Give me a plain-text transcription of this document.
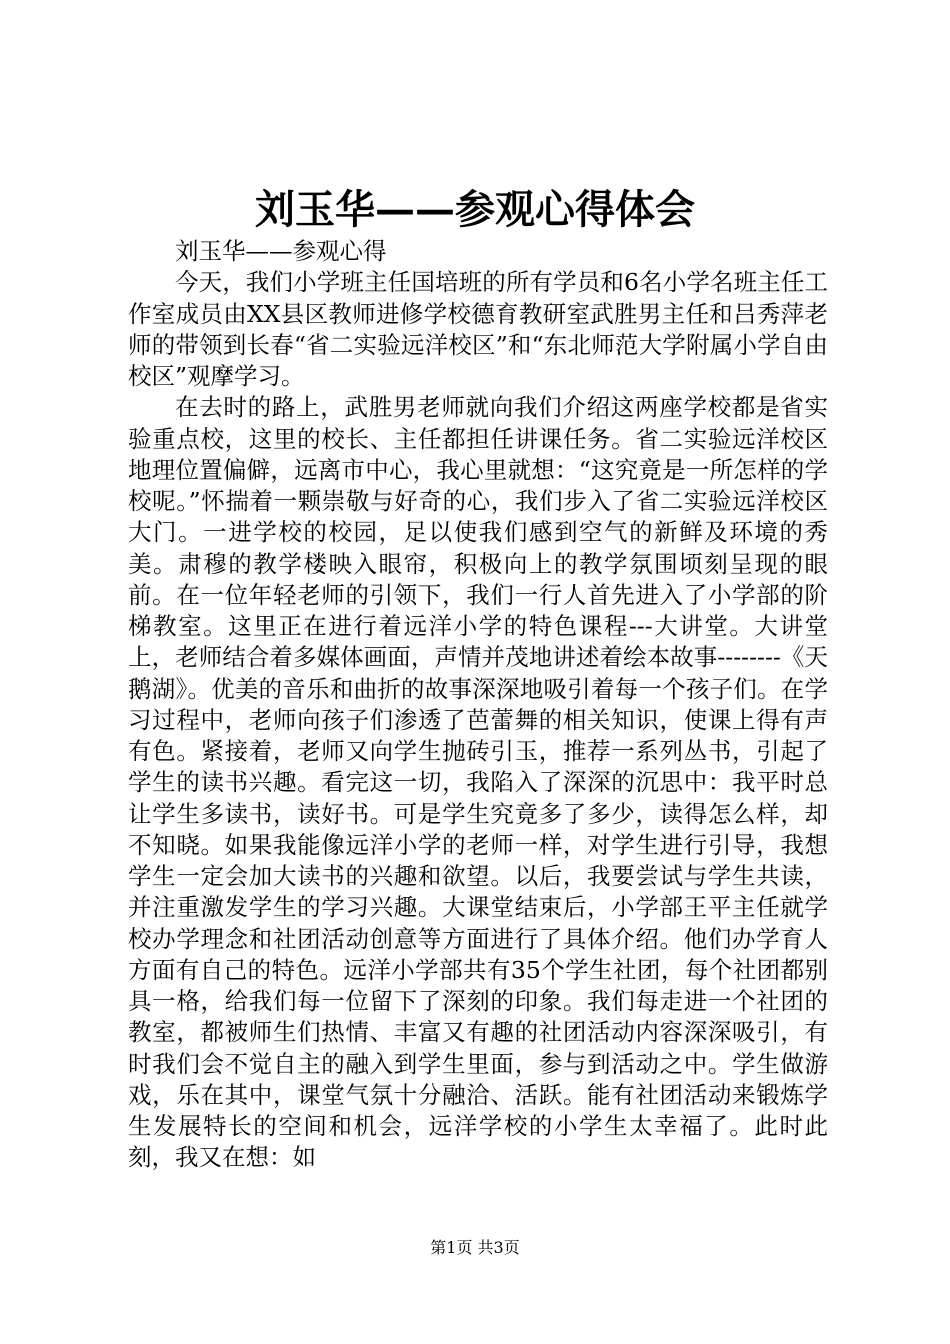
刘玉华——参观心得体会

刘玉华——参观心得

今天，我们小学班主任国培班的所有学员和6名小学名班主任工作室成员由XX县区教师进修学校德育教研室武胜男主任和吕秀萍老师的带领到长春“省二实验远洋校区”和“东北师范大学附属小学自由校区”观摩学习。

在去时的路上，武胜男老师就向我们介绍这两座学校都是省实验重点校，这里的校长、主任都担任讲课任务。省二实验远洋校区地理位置偏僻，远离市中心，我心里就想：“这究竟是一所怎样的学校呢。”怀揣着一颗崇敬与好奇的心，我们步入了省二实验远洋校区大门。一进学校的校园，足以使我们感到空气的新鲜及环境的秀美。肃穆的教学楼映入眼帘，积极向上的教学氛围顷刻呈现的眼前。在一位年轻老师的引领下，我们一行人首先进入了小学部的阶梯教室。这里正在进行着远洋小学的特色课程---大讲堂。大讲堂上，老师结合着多媒体画面，声情并茂地讲述着绘本故事--------《天鹅湖》。优美的音乐和曲折的故事深深地吸引着每一个孩子们。在学习过程中，老师向孩子们渗透了芭蕾舞的相关知识，使课上得有声有色。紧接着，老师又向学生抛砖引玉，推荐一系列丛书，引起了学生的读书兴趣。看完这一切，我陷入了深深的沉思中：我平时总让学生多读书，读好书。可是学生究竟多了多少，读得怎么样，却不知晓。如果我能像远洋小学的老师一样，对学生进行引导，我想学生一定会加大读书的兴趣和欲望。以后，我要尝试与学生共读，并注重激发学生的学习兴趣。大课堂结束后，小学部王平主任就学校办学理念和社团活动创意等方面进行了具体介绍。他们办学育人方面有自己的特色。远洋小学部共有35个学生社团，每个社团都别具一格，给我们每一位留下了深刻的印象。我们每走进一个社团的教室，都被师生们热情、丰富又有趣的社团活动内容深深吸引，有时我们会不觉自主的融入到学生里面，参与到活动之中。学生做游戏，乐在其中，课堂气氛十分融洽、活跃。能有社团活动来锻炼学生发展特长的空间和机会，远洋学校的小学生太幸福了。此时此刻，我又在想：如

第1页 共3页
